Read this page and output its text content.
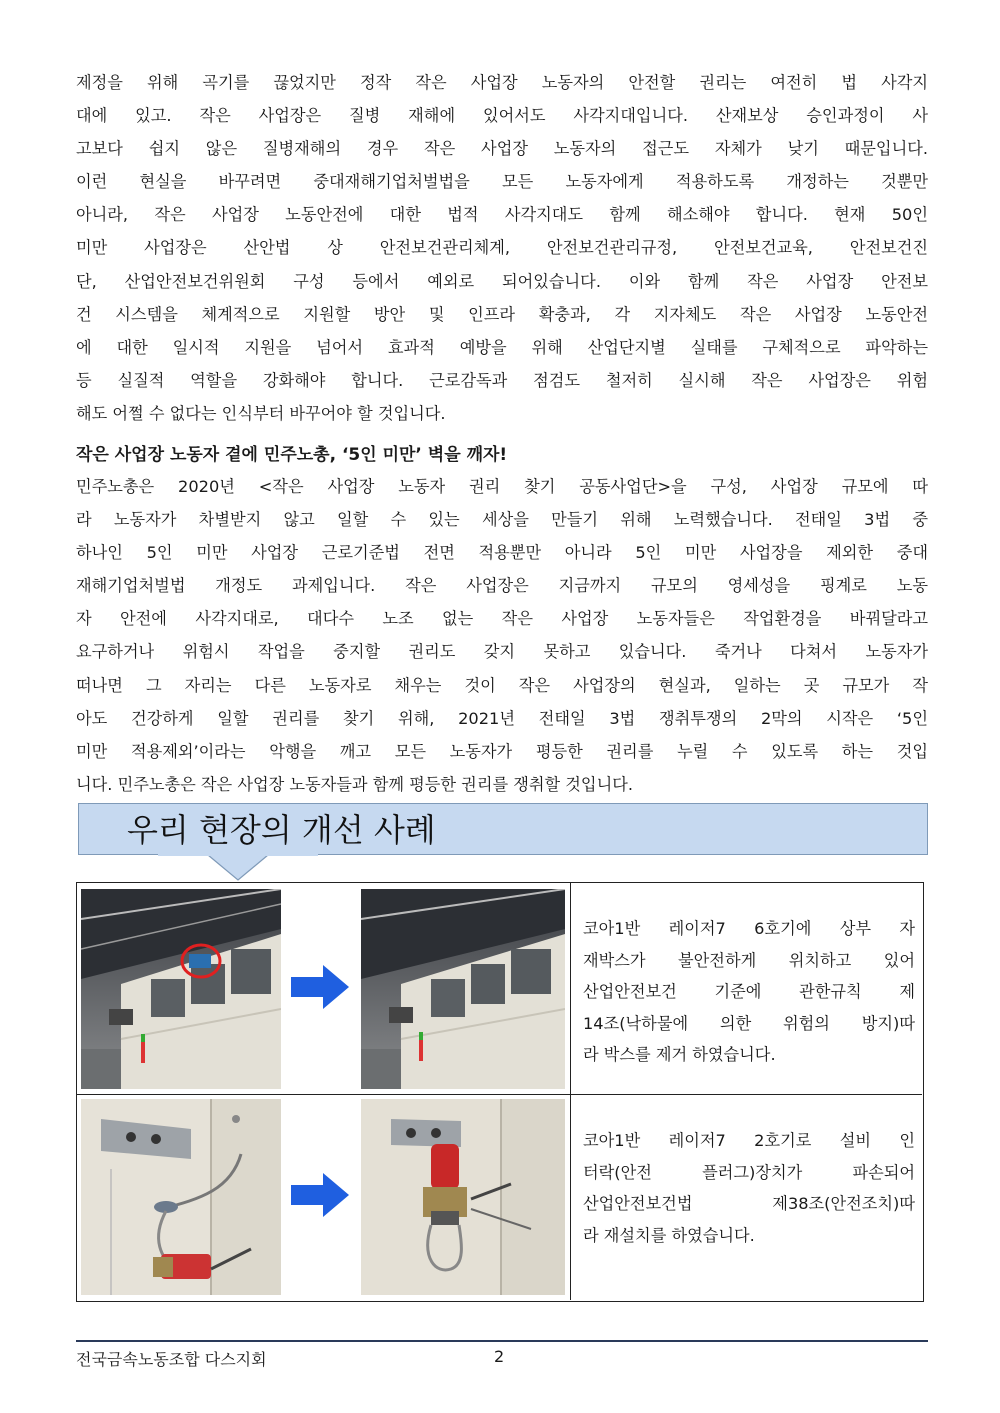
제정을 위해 곡기를 끊었지만 정작 작은 사업장 노동자의 안전할 권리는 여전히 법 사각지
대에 있고. 작은 사업장은 질병 재해에 있어서도 사각지대입니다. 산재보상 승인과정이 사
고보다 쉽지 않은 질병재해의 경우 작은 사업장 노동자의 접근도 자체가 낮기 때문입니다.
이런 현실을 바꾸려면 중대재해기업처벌법을 모든 노동자에게 적용하도록 개정하는 것뿐만
아니라, 작은 사업장 노동안전에 대한 법적 사각지대도 함께 해소해야 합니다. 현재 50인
미만 사업장은 산안법 상 안전보건관리체계, 안전보건관리규정, 안전보건교육, 안전보건진
단, 산업안전보건위원회 구성 등에서 예외로 되어있습니다. 이와 함께 작은 사업장 안전보
건 시스템을 체계적으로 지원할 방안 및 인프라 확충과, 각 지자체도 작은 사업장 노동안전
에 대한 일시적 지원을 넘어서 효과적 예방을 위해 산업단지별 실태를 구체적으로 파악하는
등 실질적 역할을 강화해야 합니다. 근로감독과 점검도 철저히 실시해 작은 사업장은 위험
해도 어쩔 수 없다는 인식부터 바꾸어야 할 것입니다.
작은 사업장 노동자 곁에 민주노총, ‘5인 미만’ 벽을 깨자!
민주노총은 2020년 <작은 사업장 노동자 권리 찾기 공동사업단>을 구성, 사업장 규모에 따
라 노동자가 차별받지 않고 일할 수 있는 세상을 만들기 위해 노력했습니다. 전태일 3법 중
하나인 5인 미만 사업장 근로기준법 전면 적용뿐만 아니라 5인 미만 사업장을 제외한 중대
재해기업처벌법 개정도 과제입니다. 작은 사업장은 지금까지 규모의 영세성을 핑계로 노동
자 안전에 사각지대로, 대다수 노조 없는 작은 사업장 노동자들은 작업환경을 바꿔달라고
요구하거나 위험시 작업을 중지할 권리도 갖지 못하고 있습니다. 죽거나 다쳐서 노동자가
떠나면 그 자리는 다른 노동자로 채우는 것이 작은 사업장의 현실과, 일하는 곳 규모가 작
아도 건강하게 일할 권리를 찾기 위해, 2021년 전태일 3법 쟁취투쟁의 2막의 시작은 ‘5인
미만 적용제외’이라는 악행을 깨고 모든 노동자가 평등한 권리를 누릴 수 있도록 하는 것입
니다. 민주노총은 작은 사업장 노동자들과 함께 평등한 권리를 쟁취할 것입니다.
우리 현장의 개선 사례
코아1반 레이저7 6호기에 상부 자
재박스가 불안전하게 위치하고 있어
산업안전보건 기준에 관한규칙 제
14조(낙하물에 의한 위험의 방지)따
라 박스를 제거 하였습니다.
코아1반 레이저7 2호기로 설비 인
터락(안전 플러그)장치가 파손되어
산업안전보건법 제38조(안전조치)따
라 재설치를 하였습니다.
전국금속노동조합 다스지회	2
